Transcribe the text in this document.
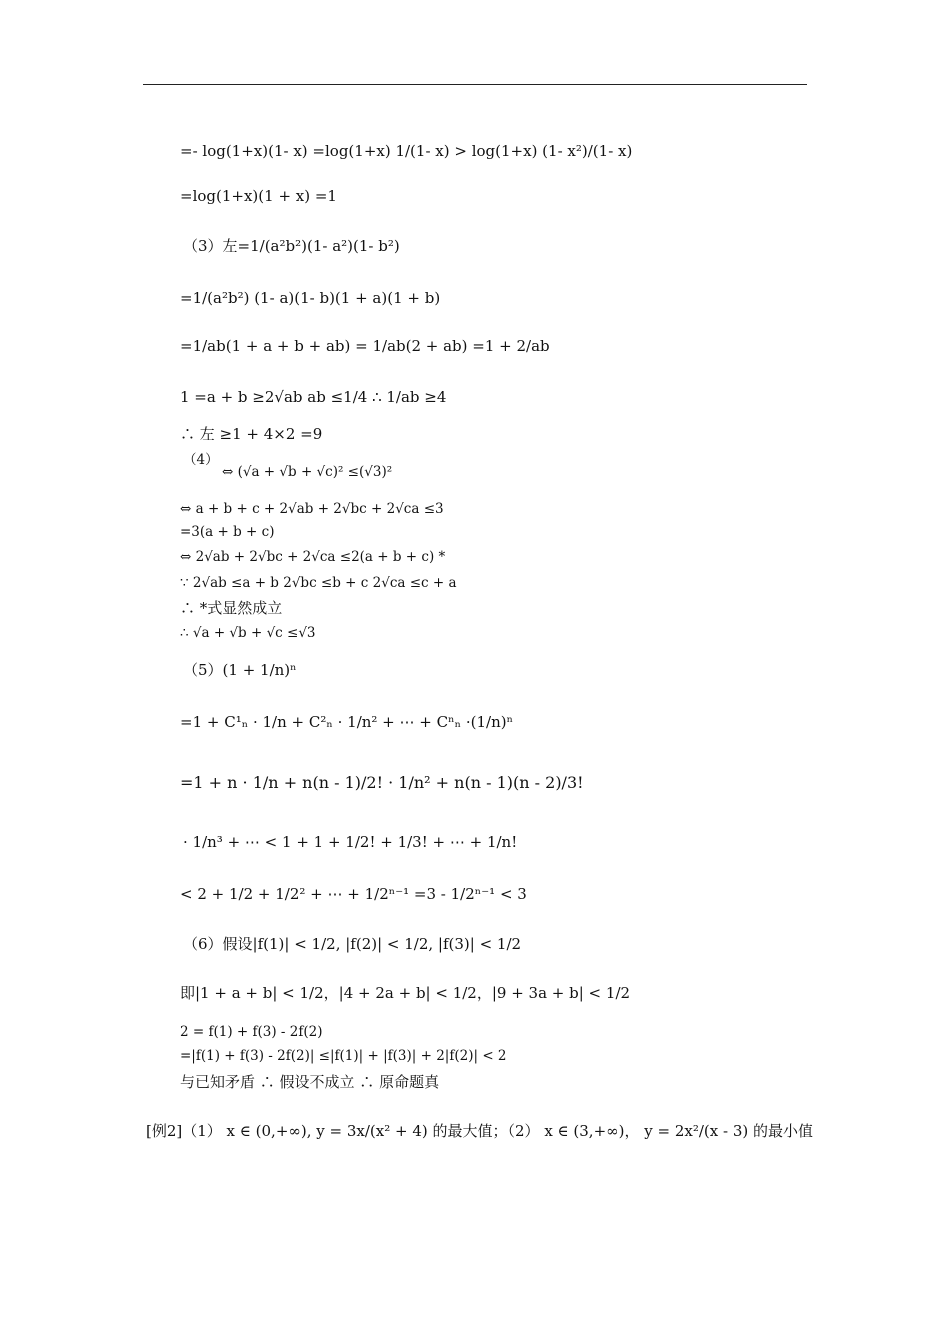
=- log(1+x)(1- x) =log(1+x) 1/(1- x) > log(1+x) (1- x²)/(1- x)
=log(1+x)(1 + x) =1
（3）左=1/(a²b²)(1- a²)(1- b²)
=1/(a²b²) (1- a)(1- b)(1 + a)(1 + b)
=1/ab(1 + a + b + ab) = 1/ab(2 + ab) =1 + 2/ab
1 =a + b ≥2√ab ab ≤1/4 ∴ 1/ab ≥4
∴ 左 ≥1 + 4×2 =9
（4）
⇔ (√a + √b + √c)² ≤(√3)²
⇔ a + b + c + 2√ab + 2√bc + 2√ca ≤3
=3(a + b + c)
⇔ 2√ab + 2√bc + 2√ca ≤2(a + b + c) *
∵ 2√ab ≤a + b 2√bc ≤b + c 2√ca ≤c + a
∴ *式显然成立
∴ √a + √b + √c ≤√3
（5）(1 + 1/n)ⁿ
=1 + C¹ₙ · 1/n + C²ₙ · 1/n² + ⋯ + Cⁿₙ ·(1/n)ⁿ
=1 + n · 1/n + n(n - 1)/2! · 1/n² + n(n - 1)(n - 2)/3!
· 1/n³ + ⋯ < 1 + 1 + 1/2! + 1/3! + ⋯ + 1/n!
< 2 + 1/2 + 1/2² + ⋯ + 1/2ⁿ⁻¹ =3 - 1/2ⁿ⁻¹ < 3
（6）假设|f(1)| < 1/2, |f(2)| < 1/2, |f(3)| < 1/2
即|1 + a + b| < 1/2，|4 + 2a + b| < 1/2，|9 + 3a + b| < 1/2
2 = f(1) + f(3) - 2f(2)
=|f(1) + f(3) - 2f(2)| ≤|f(1)| + |f(3)| + 2|f(2)| < 2
与已知矛盾 ∴ 假设不成立 ∴ 原命题真
[例2]（1） x ∈ (0,+∞), y = 3x/(x² + 4) 的最大值；（2） x ∈ (3,+∞)， y = 2x²/(x - 3) 的最小值
